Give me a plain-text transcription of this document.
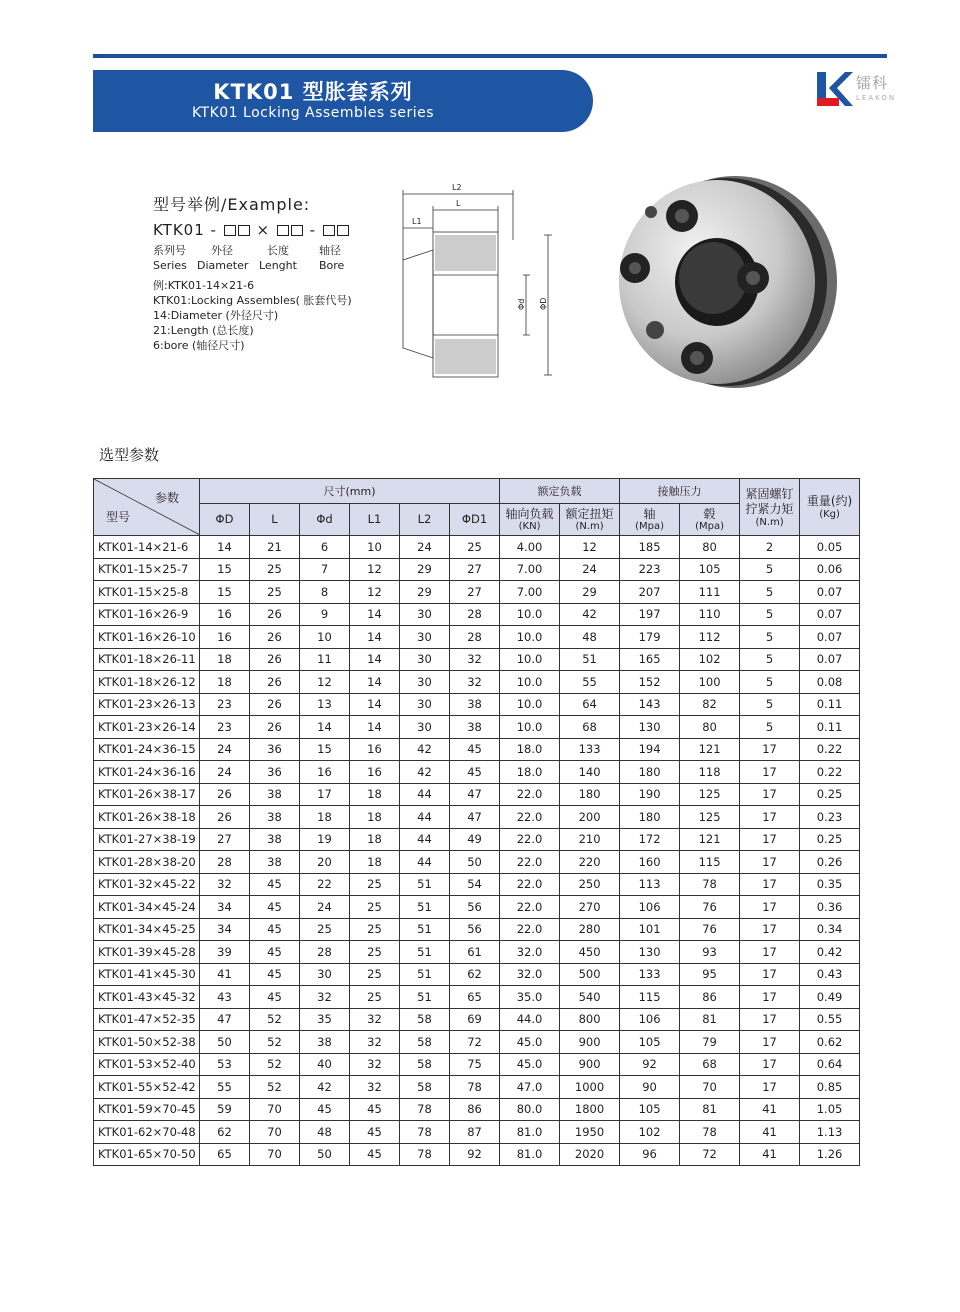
KTK01 型胀套系列
KTK01 Locking Assembles series
镭科
LEAKON
型号举例/Example:
KTK01 -  ×  -
系列号 外径	长度	轴径
Series Diameter Lenght Bore
例:KTK01-14×21-6
KTK01:Locking Assembles( 胀套代号)
14:Diameter (外径尺寸)
21:Length (总长度)
6:bore (轴径尺寸)
L2
L
L1
Φd ΦD
选型参数
参数
型号	尺寸(mm)						额定负载		接触压力		紧固螺钉拧紧力矩
(N.m)	重量(约)
(Kg)

	ΦD	L	Φd	L1	L2	ΦD1	轴向负载
(KN)	额定扭矩
(N.m)	轴
(Mpa)	毂
(Mpa)		

KTK01-14×21-6	14	21	6	10	24	25	4.00	12	185	80	2	0.05
KTK01-15×25-7	15	25	7	12	29	27	7.00	24	223	105	5	0.06
KTK01-15×25-8	15	25	8	12	29	27	7.00	29	207	111	5	0.07
KTK01-16×26-9	16	26	9	14	30	28	10.0	42	197	110	5	0.07
KTK01-16×26-10	16	26	10	14	30	28	10.0	48	179	112	5	0.07
KTK01-18×26-11	18	26	11	14	30	32	10.0	51	165	102	5	0.07
KTK01-18×26-12	18	26	12	14	30	32	10.0	55	152	100	5	0.08
KTK01-23×26-13	23	26	13	14	30	38	10.0	64	143	82	5	0.11
KTK01-23×26-14	23	26	14	14	30	38	10.0	68	130	80	5	0.11
KTK01-24×36-15	24	36	15	16	42	45	18.0	133	194	121	17	0.22
KTK01-24×36-16	24	36	16	16	42	45	18.0	140	180	118	17	0.22
KTK01-26×38-17	26	38	17	18	44	47	22.0	180	190	125	17	0.25
KTK01-26×38-18	26	38	18	18	44	47	22.0	200	180	125	17	0.23
KTK01-27×38-19	27	38	19	18	44	49	22.0	210	172	121	17	0.25
KTK01-28×38-20	28	38	20	18	44	50	22.0	220	160	115	17	0.26
KTK01-32×45-22	32	45	22	25	51	54	22.0	250	113	78	17	0.35
KTK01-34×45-24	34	45	24	25	51	56	22.0	270	106	76	17	0.36
KTK01-34×45-25	34	45	25	25	51	56	22.0	280	101	76	17	0.34
KTK01-39×45-28	39	45	28	25	51	61	32.0	450	130	93	17	0.42
KTK01-41×45-30	41	45	30	25	51	62	32.0	500	133	95	17	0.43
KTK01-43×45-32	43	45	32	25	51	65	35.0	540	115	86	17	0.49
KTK01-47×52-35	47	52	35	32	58	69	44.0	800	106	81	17	0.55
KTK01-50×52-38	50	52	38	32	58	72	45.0	900	105	79	17	0.62
KTK01-53×52-40	53	52	40	32	58	75	45.0	900	92	68	17	0.64
KTK01-55×52-42	55	52	42	32	58	78	47.0	1000	90	70	17	0.85
KTK01-59×70-45	59	70	45	45	78	86	80.0	1800	105	81	41	1.05
KTK01-62×70-48	62	70	48	45	78	87	81.0	1950	102	78	41	1.13
KTK01-65×70-50	65	70	50	45	78	92	81.0	2020	96	72	41	1.26
